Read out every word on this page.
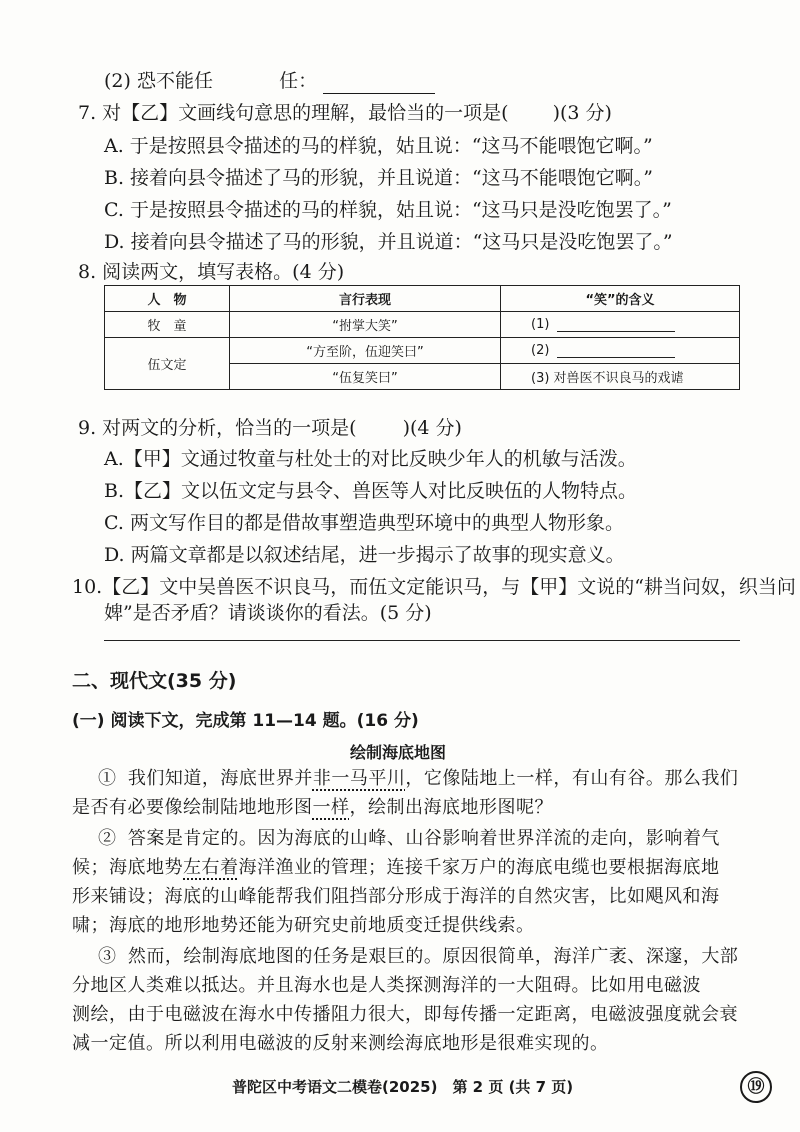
(2) 恐不能任	任：
7. 对【乙】文画线句意思的理解，最恰当的一项是( )(3 分)
A. 于是按照县令描述的马的样貌，姑且说：“这马不能喂饱它啊。”
B. 接着向县令描述了马的形貌，并且说道：“这马不能喂饱它啊。”
C. 于是按照县令描述的马的样貌，姑且说：“这马只是没吃饱罢了。”
D. 接着向县令描述了马的形貌，并且说道：“这马只是没吃饱罢了。”
8. 阅读两文，填写表格。(4 分)
人　物	言行表现	“笑”的含义
牧　童	“拊掌大笑”	(1)
伍文定	“方至阶，伍迎笑曰”	(2)
	“伍复笑曰”	(3) 对兽医不识良马的戏谑
9. 对两文的分析，恰当的一项是( )(4 分)
A.【甲】文通过牧童与杜处士的对比反映少年人的机敏与活泼。
B.【乙】文以伍文定与县令、兽医等人对比反映伍的人物特点。
C. 两文写作目的都是借故事塑造典型环境中的典型人物形象。
D. 两篇文章都是以叙述结尾，进一步揭示了故事的现实意义。
10.【乙】文中吴兽医不识良马，而伍文定能识马，与【甲】文说的“耕当问奴，织当问
婢”是否矛盾？请谈谈你的看法。(5 分)
二、现代文(35 分)
(一) 阅读下文，完成第 11—14 题。(16 分)
绘制海底地图
① 我们知道，海底世界并非一马平川，它像陆地上一样，有山有谷。那么我们
是否有必要像绘制陆地地形图一样，绘制出海底地形图呢？
② 答案是肯定的。因为海底的山峰、山谷影响着世界洋流的走向，影响着气
候；海底地势左右着海洋渔业的管理；连接千家万户的海底电缆也要根据海底地
形来铺设；海底的山峰能帮我们阻挡部分形成于海洋的自然灾害，比如飓风和海
啸；海底的地形地势还能为研究史前地质变迁提供线索。
③ 然而，绘制海底地图的任务是艰巨的。原因很简单，海洋广袤、深邃，大部
分地区人类难以抵达。并且海水也是人类探测海洋的一大阻碍。比如用电磁波
测绘，由于电磁波在海水中传播阻力很大，即每传播一定距离，电磁波强度就会衰
减一定值。所以利用电磁波的反射来测绘海底地形是很难实现的。
普陀区中考语文二模卷(2025)　第 2 页 (共 7 页)	⑲
